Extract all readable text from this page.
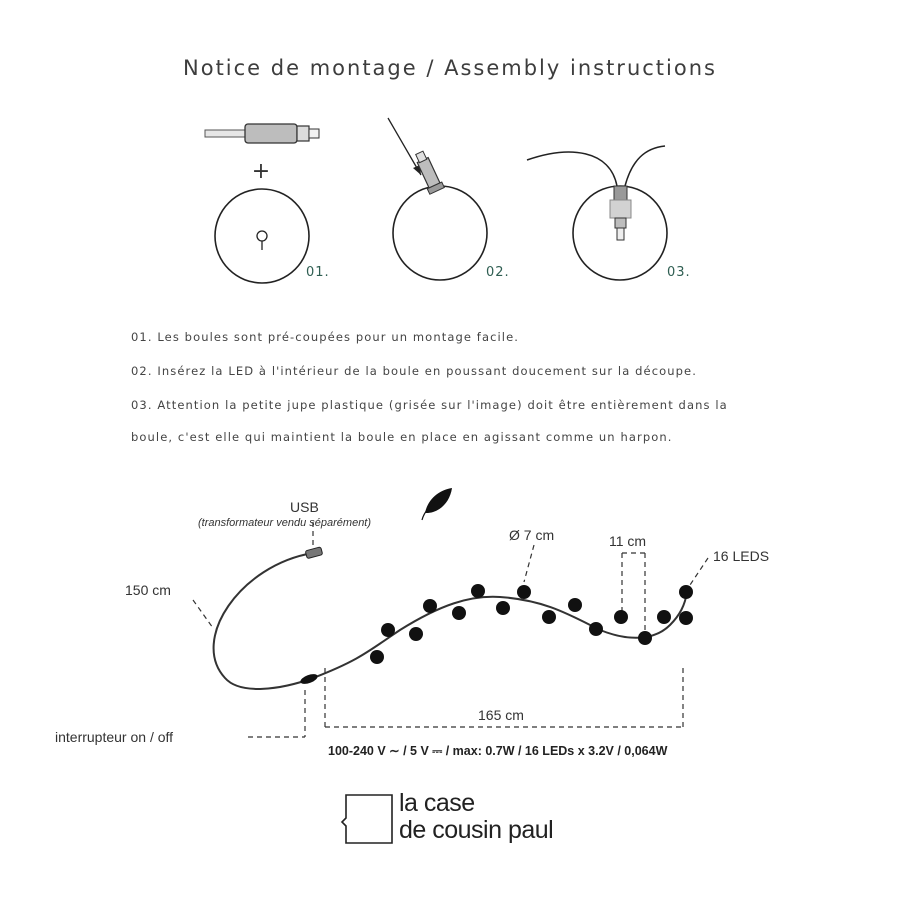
Notice de montage / Assembly instructions
+
01.	02.	03.
USB
(transformateur vendu séparément)
150 cm
Ø 7 cm	11 cm
16 LEDS
165 cm
interrupteur on / off
100-240 V ∼ / 5 V ⎓ / max: 0.7W / 16 LEDs x 3.2V / 0,064W
01. Les boules sont pré-coupées pour un montage facile.
02. Insérez la LED à l'intérieur de la boule en poussant doucement sur la découpe.
03. Attention la petite jupe plastique (grisée sur l'image) doit être entièrement dans la
boule, c'est elle qui maintient la boule en place en agissant comme un harpon.
la case
de cousin paul
